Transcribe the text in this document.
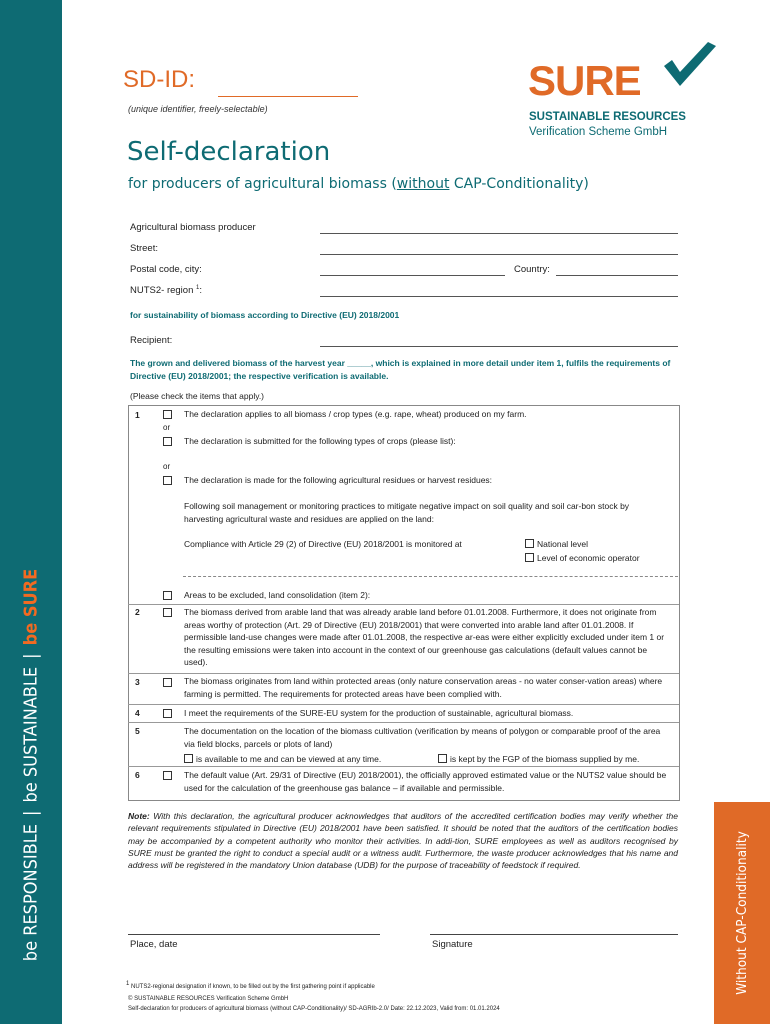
be RESPONSIBLE|be SUSTAINABLE|be SURE
Without CAP-Conditionality
SD-ID:
(unique identifier, freely-selectable)
SURE
SUSTAINABLE RESOURCES
Verification Scheme GmbH
Self-declaration
for producers of agricultural biomass (without CAP-Conditionality)
Agricultural biomass producer
Street:
Postal code, city:	Country:
NUTS2- region $^1$:
for sustainability of biomass according to Directive (EU) 2018/2001
Recipient:
The grown and delivered biomass of the harvest year _____, which is explained in more detail under item 1, fulfils the requirements of Directive (EU) 2018/2001; the respective verification is available.
(Please check the items that apply.)
1	The declaration applies to all biomass / crop types (e.g. rape, wheat) produced on my farm.
or
The declaration is submitted for the following types of crops (please list):
or
The declaration is made for the following agricultural residues or harvest residues:
Following soil management or monitoring practices to mitigate negative impact on soil quality and soil car-bon stock by harvesting agricultural waste and residues are applied on the land:
Compliance with Article 29 (2) of Directive (EU) 2018/2001 is monitored at	National level
Level of economic operator
Areas to be excluded, land consolidation (item 2):
2	The biomass derived from arable land that was already arable land before 01.01.2008. Furthermore, it does not originate from areas worthy of protection (Art. 29 of Directive (EU) 2018/2001) that were converted into arable land after 01.01.2008. If permissible land-use changes were made after 01.01.2008, the respective ar-eas were either explicitly excluded under item 1 or the resulting emissions were taken into account in the context of our greenhouse gas calculations (default values cannot be used).
3	The biomass originates from land within protected areas (only nature conservation areas - no water conser-vation areas) where farming is permitted. The requirements for protected areas have been complied with.
4	I meet the requirements of the SURE-EU system for the production of sustainable, agricultural biomass.
5	The documentation on the location of the biomass cultivation (verification by means of polygon or comparable proof of the area via field blocks, parcels or plots of land)
is available to me and can be viewed at any time.	is kept by the FGP of the biomass supplied by me.
6	The default value (Art. 29/31 of Directive (EU) 2018/2001), the officially approved estimated value or the NUTS2 value should be used for the calculation of the greenhouse gas balance – if available and permissible.
Note: With this declaration, the agricultural producer acknowledges that auditors of the accredited certification bodies may verify whether the relevant requirements stipulated in Directive (EU) 2018/2001 have been satisfied. It should be noted that the auditors of the certification bodies may be accompanied by a competent authority who monitor their activities. In addi-tion, SURE employees as well as auditors recognised by SURE must be granted the right to conduct a special audit or a witness audit. Furthermore, the waste producer acknowledges that his name and address will be registered in the mandatory Union database (UDB) for the purpose of traceability of feedstock if required.
Place, date	Signature
$^1$ NUTS2-regional designation if known, to be filled out by the first gathering point if applicable
© SUSTAINABLE RESOURCES Verification Scheme GmbH
Self-declaration for producers of agricultural biomass (without CAP-Conditionality)/ SD-AGRIb-2.0/ Date: 22.12.2023, Valid from: 01.01.2024
